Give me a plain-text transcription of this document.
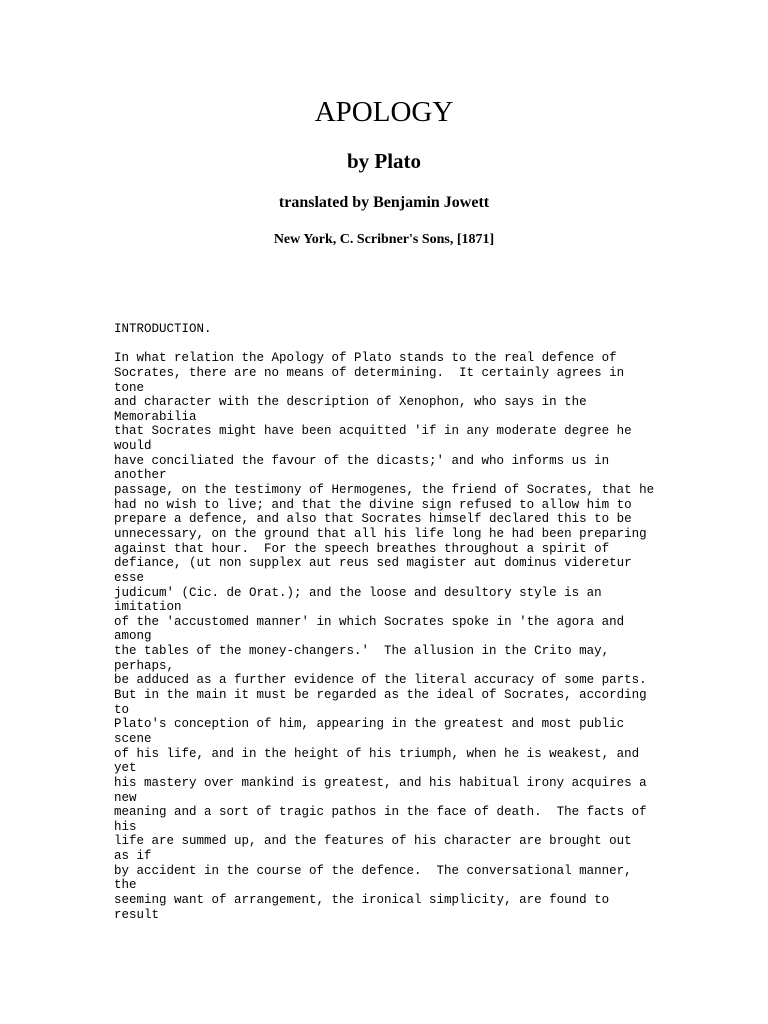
APOLOGY
by Plato
translated by Benjamin Jowett
New York, C. Scribner's Sons, [1871]
INTRODUCTION.
In what relation the Apology of Plato stands to the real defence of
Socrates, there are no means of determining.  It certainly agrees in
tone
and character with the description of Xenophon, who says in the
Memorabilia
that Socrates might have been acquitted 'if in any moderate degree he
would
have conciliated the favour of the dicasts;' and who informs us in
another
passage, on the testimony of Hermogenes, the friend of Socrates, that he
had no wish to live; and that the divine sign refused to allow him to
prepare a defence, and also that Socrates himself declared this to be
unnecessary, on the ground that all his life long he had been preparing
against that hour.  For the speech breathes throughout a spirit of
defiance, (ut non supplex aut reus sed magister aut dominus videretur
esse
judicum' (Cic. de Orat.); and the loose and desultory style is an
imitation
of the 'accustomed manner' in which Socrates spoke in 'the agora and
among
the tables of the money-changers.'  The allusion in the Crito may,
perhaps,
be adduced as a further evidence of the literal accuracy of some parts.
But in the main it must be regarded as the ideal of Socrates, according
to
Plato's conception of him, appearing in the greatest and most public
scene
of his life, and in the height of his triumph, when he is weakest, and
yet
his mastery over mankind is greatest, and his habitual irony acquires a
new
meaning and a sort of tragic pathos in the face of death.  The facts of
his
life are summed up, and the features of his character are brought out
as if
by accident in the course of the defence.  The conversational manner,
the
seeming want of arrangement, the ironical simplicity, are found to
result
